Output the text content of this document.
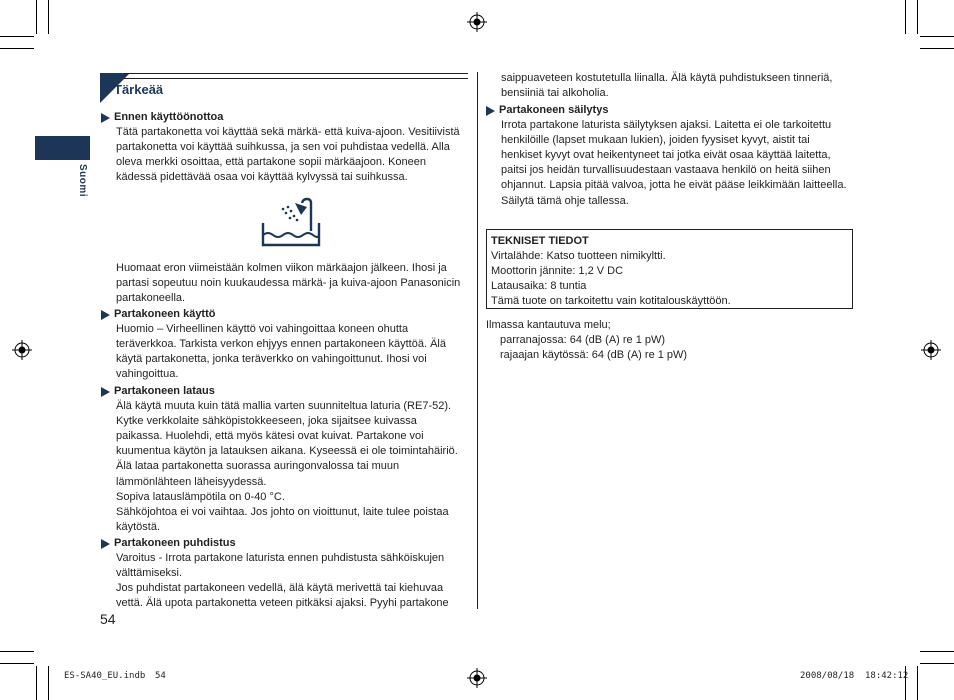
Suomi
Tärkeää
Ennen käyttöönottoa

Tätä partakonetta voi käyttää sekä märkä- että kuiva-ajoon. Vesitiivistä

partakonetta voi käyttää suihkussa, ja sen voi puhdistaa vedellä. Alla

oleva merkki osoittaa, että partakone sopii märkäajoon. Koneen

kädessä pidettävää osaa voi käyttää kylvyssä tai suihkussa.

Huomaat eron viimeistään kolmen viikon märkäajon jälkeen. Ihosi ja

partasi sopeutuu noin kuukaudessa märkä- ja kuiva-ajoon Panasonicin

partakoneella.

Partakoneen käyttö

Huomio – Virheellinen käyttö voi vahingoittaa koneen ohutta

teräverkkoa. Tarkista verkon ehjyys ennen partakoneen käyttöä. Älä

käytä partakonetta, jonka teräverkko on vahingoittunut. Ihosi voi

vahingoittua.

Partakoneen lataus

Älä käytä muuta kuin tätä mallia varten suunniteltua laturia (RE7-52).

Kytke verkkolaite sähköpistokkeeseen, joka sijaitsee kuivassa

paikassa. Huolehdi, että myös kätesi ovat kuivat. Partakone voi

kuumentua käytön ja latauksen aikana. Kyseessä ei ole toimintahäiriö.

Älä lataa partakonetta suorassa auringonvalossa tai muun

lämmönlähteen läheisyydessä.

Sopiva latauslämpötila on 0-40 °C.

Sähköjohtoa ei voi vaihtaa. Jos johto on vioittunut, laite tulee poistaa

käytöstä.

Partakoneen puhdistus

Varoitus - Irrota partakone laturista ennen puhdistusta sähköiskujen

välttämiseksi.

Jos puhdistat partakoneen vedellä, älä käytä merivettä tai kiehuvaa

vettä. Älä upota partakonetta veteen pitkäksi ajaksi. Pyyhi partakone

54

saippuaveteen kostutetulla liinalla. Älä käytä puhdistukseen tinneriä,

bensiiniä tai alkoholia.

Partakoneen säilytys

Irrota partakone laturista säilytyksen ajaksi. Laitetta ei ole tarkoitettu

henkilöille (lapset mukaan lukien), joiden fyysiset kyvyt, aistit tai

henkiset kyvyt ovat heikentyneet tai jotka eivät osaa käyttää laitetta,

paitsi jos heidän turvallisuudestaan vastaava henkilö on heitä siihen

ohjannut. Lapsia pitää valvoa, jotta he eivät pääse leikkimään laitteella.

Säilytä tämä ohje tallessa.

TEKNISET TIEDOT
Virtalähde: Katso tuotteen nimikyltti.
Moottorin jännite: 1,2 V DC
Latausaika: 8 tuntia
Tämä tuote on tarkoitettu vain kotitalouskäyttöön.
Ilmassa kantautuva melu;
parranajossa: 64 (dB (A) re 1 pW)
rajaajan käytössä: 64 (dB (A) re 1 pW)
ES-SA40_EU.indb 54	2008/08/18 18:42:12
